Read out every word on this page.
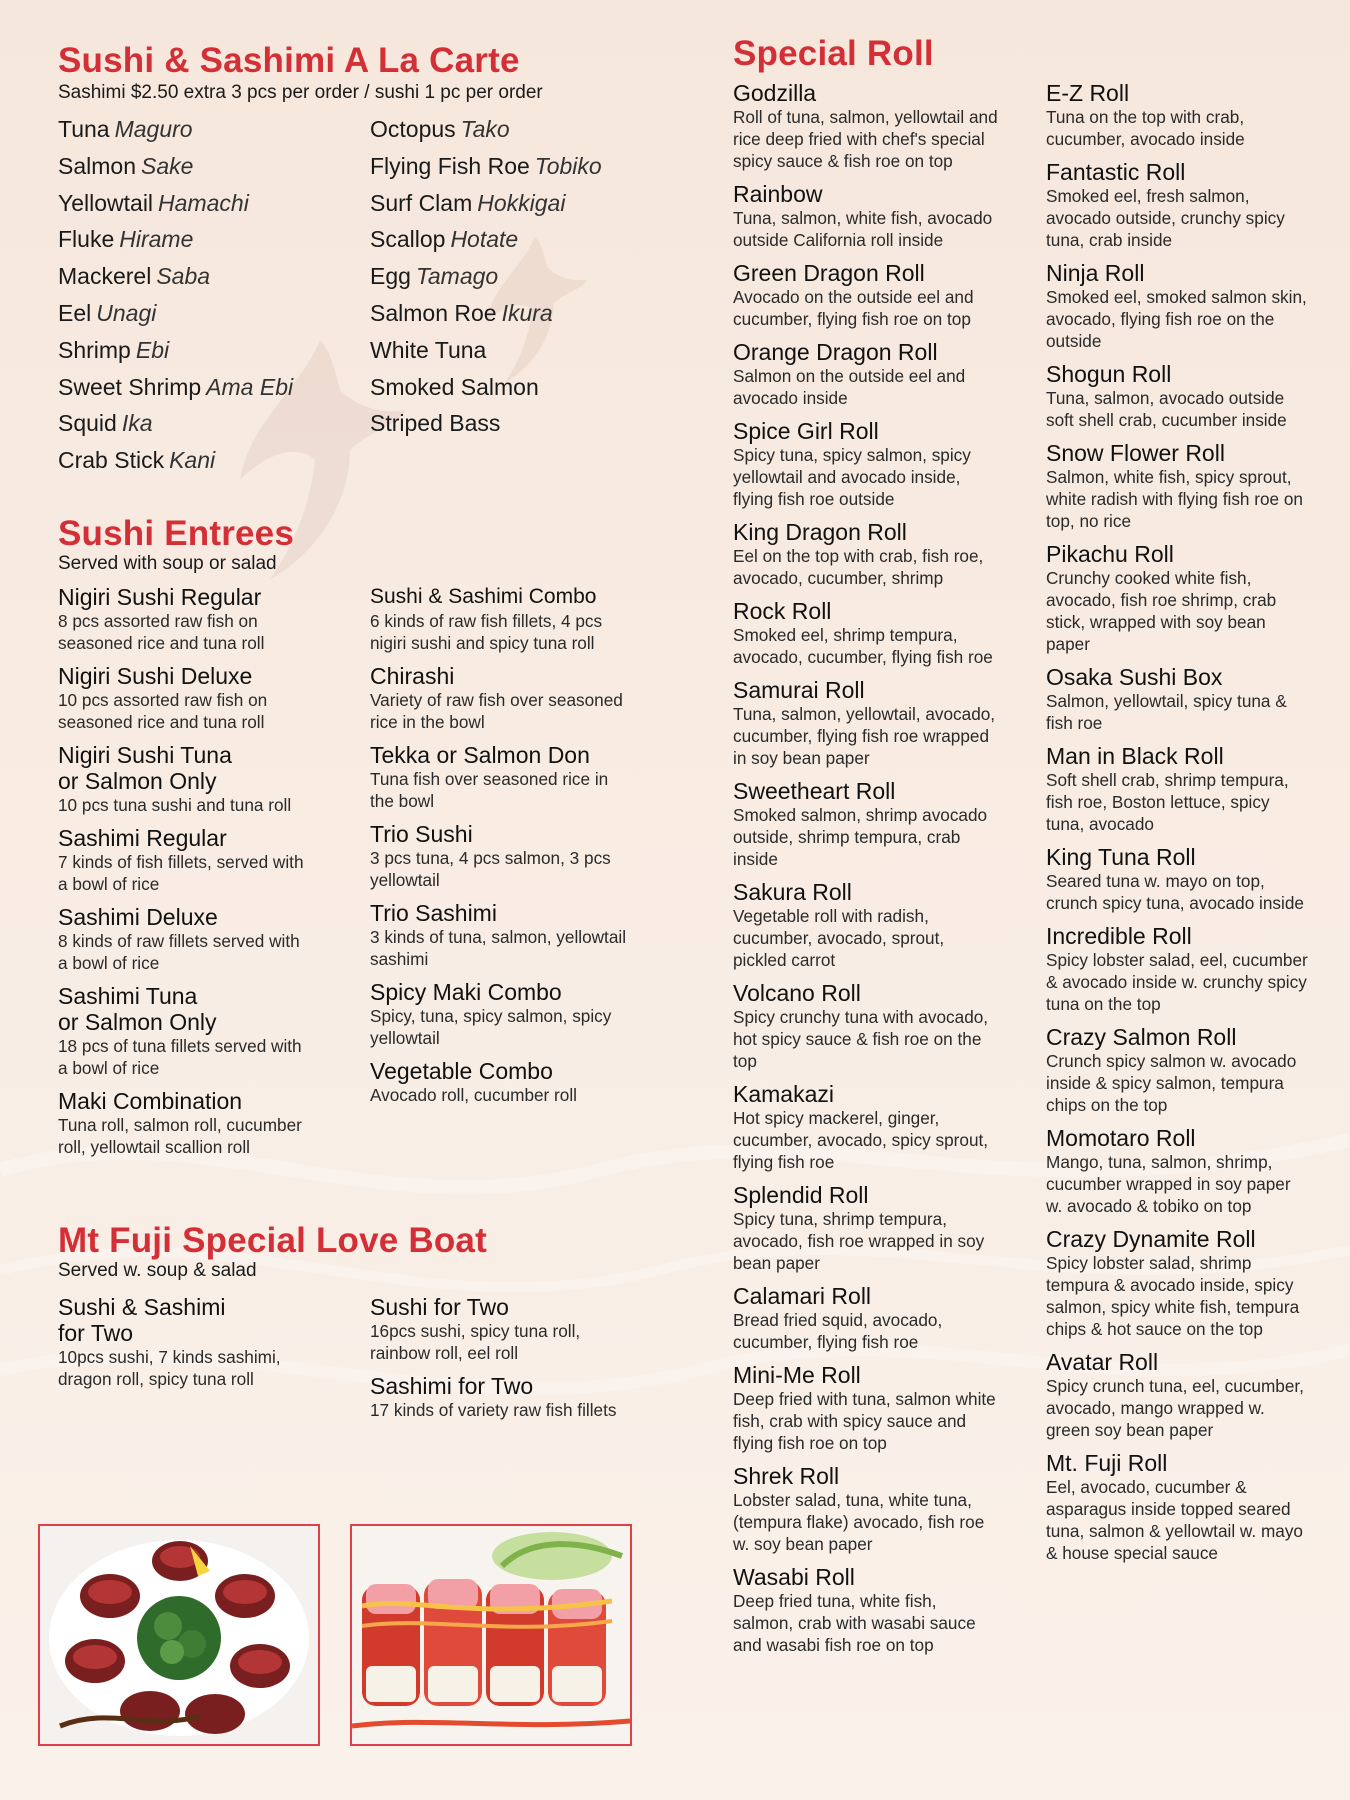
Sushi & Sashimi A La Carte

Sashimi $2.50 extra 3 pcs per order / sushi 1 pc per order

Tuna Maguro
Salmon Sake
Yellowtail Hamachi
Fluke Hirame
Mackerel Saba
Eel Unagi
Shrimp Ebi
Sweet Shrimp Ama Ebi
Squid Ika
Crab Stick Kani
Octopus Tako
Flying Fish Roe Tobiko
Surf Clam Hokkigai
Scallop Hotate
Egg Tamago
Salmon Roe Ikura
White Tuna
Smoked Salmon
Striped Bass
Sushi Entrees

Served with soup or salad

Nigiri Sushi Regular
8 pcs assorted raw fish on
seasoned rice and tuna roll
Nigiri Sushi Deluxe
10 pcs assorted raw fish on
seasoned rice and tuna roll
Nigiri Sushi Tuna
or Salmon Only
10 pcs tuna sushi and tuna roll
Sashimi Regular
7 kinds of fish fillets, served with
a bowl of rice
Sashimi Deluxe
8 kinds of raw fillets served with
a bowl of rice
Sashimi Tuna
or Salmon Only
18 pcs of tuna fillets served with
a bowl of rice
Maki Combination
Tuna roll, salmon roll, cucumber
roll, yellowtail scallion roll
Sushi & Sashimi Combo
6 kinds of raw fish fillets, 4 pcs
nigiri sushi and spicy tuna roll
Chirashi
Variety of raw fish over seasoned
rice in the bowl
Tekka or Salmon Don
Tuna fish over seasoned rice in
the bowl
Trio Sushi
3 pcs tuna, 4 pcs salmon, 3 pcs
yellowtail
Trio Sashimi
3 kinds of tuna, salmon, yellowtail
sashimi
Spicy Maki Combo
Spicy, tuna, spicy salmon, spicy
yellowtail
Vegetable Combo
Avocado roll, cucumber roll
Mt Fuji Special Love Boat

Served w. soup & salad

Sushi & Sashimi
for Two
10pcs sushi, 7 kinds sashimi,
dragon roll, spicy tuna roll
Sushi for Two
16pcs sushi, spicy tuna roll,
rainbow roll, eel roll
Sashimi for Two
17 kinds of variety raw fish fillets
Special Roll
Godzilla
Roll of tuna, salmon, yellowtail and
rice deep fried with chef's special
spicy sauce & fish roe on top
Rainbow
Tuna, salmon, white fish, avocado
outside California roll inside
Green Dragon Roll
Avocado on the outside eel and
cucumber, flying fish roe on top
Orange Dragon Roll
Salmon on the outside eel and
avocado inside
Spice Girl Roll
Spicy tuna, spicy salmon, spicy
yellowtail and avocado inside,
flying fish roe outside
King Dragon Roll
Eel on the top with crab, fish roe,
avocado, cucumber, shrimp
Rock Roll
Smoked eel, shrimp tempura,
avocado, cucumber, flying fish roe
Samurai Roll
Tuna, salmon, yellowtail, avocado,
cucumber, flying fish roe wrapped
in soy bean paper
Sweetheart Roll
Smoked salmon, shrimp avocado
outside, shrimp tempura, crab
inside
Sakura Roll
Vegetable roll with radish,
cucumber, avocado, sprout,
pickled carrot
Volcano Roll
Spicy crunchy tuna with avocado,
hot spicy sauce & fish roe on the
top
Kamakazi
Hot spicy mackerel, ginger,
cucumber, avocado, spicy sprout,
flying fish roe
Splendid Roll
Spicy tuna, shrimp tempura,
avocado, fish roe wrapped in soy
bean paper
Calamari Roll
Bread fried squid, avocado,
cucumber, flying fish roe
Mini-Me Roll
Deep fried with tuna, salmon white
fish, crab with spicy sauce and
flying fish roe on top
Shrek Roll
Lobster salad, tuna, white tuna,
(tempura flake) avocado, fish roe
w. soy bean paper
Wasabi Roll
Deep fried tuna, white fish,
salmon, crab with wasabi sauce
and wasabi fish roe on top
E-Z Roll
Tuna on the top with crab,
cucumber, avocado inside
Fantastic Roll
Smoked eel, fresh salmon,
avocado outside, crunchy spicy
tuna, crab inside
Ninja Roll
Smoked eel, smoked salmon skin,
avocado, flying fish roe on the
outside
Shogun Roll
Tuna, salmon, avocado outside
soft shell crab, cucumber inside
Snow Flower Roll
Salmon, white fish, spicy sprout,
white radish with flying fish roe on
top, no rice
Pikachu Roll
Crunchy cooked white fish,
avocado, fish roe shrimp, crab
stick, wrapped with soy bean
paper
Osaka Sushi Box
Salmon, yellowtail, spicy tuna &
fish roe
Man in Black Roll
Soft shell crab, shrimp tempura,
fish roe, Boston lettuce, spicy
tuna, avocado
King Tuna Roll
Seared tuna w. mayo on top,
crunch spicy tuna, avocado inside
Incredible Roll
Spicy lobster salad, eel, cucumber
& avocado inside w. crunchy spicy
tuna on the top
Crazy Salmon Roll
Crunch spicy salmon w. avocado
inside & spicy salmon, tempura
chips on the top
Momotaro Roll
Mango, tuna, salmon, shrimp,
cucumber wrapped in soy paper
w. avocado & tobiko on top
Crazy Dynamite Roll
Spicy lobster salad, shrimp
tempura & avocado inside, spicy
salmon, spicy white fish, tempura
chips & hot sauce on the top
Avatar Roll
Spicy crunch tuna, eel, cucumber,
avocado, mango wrapped w.
green soy bean paper
Mt. Fuji Roll
Eel, avocado, cucumber &
asparagus inside topped seared
tuna, salmon & yellowtail w. mayo
& house special sauce
